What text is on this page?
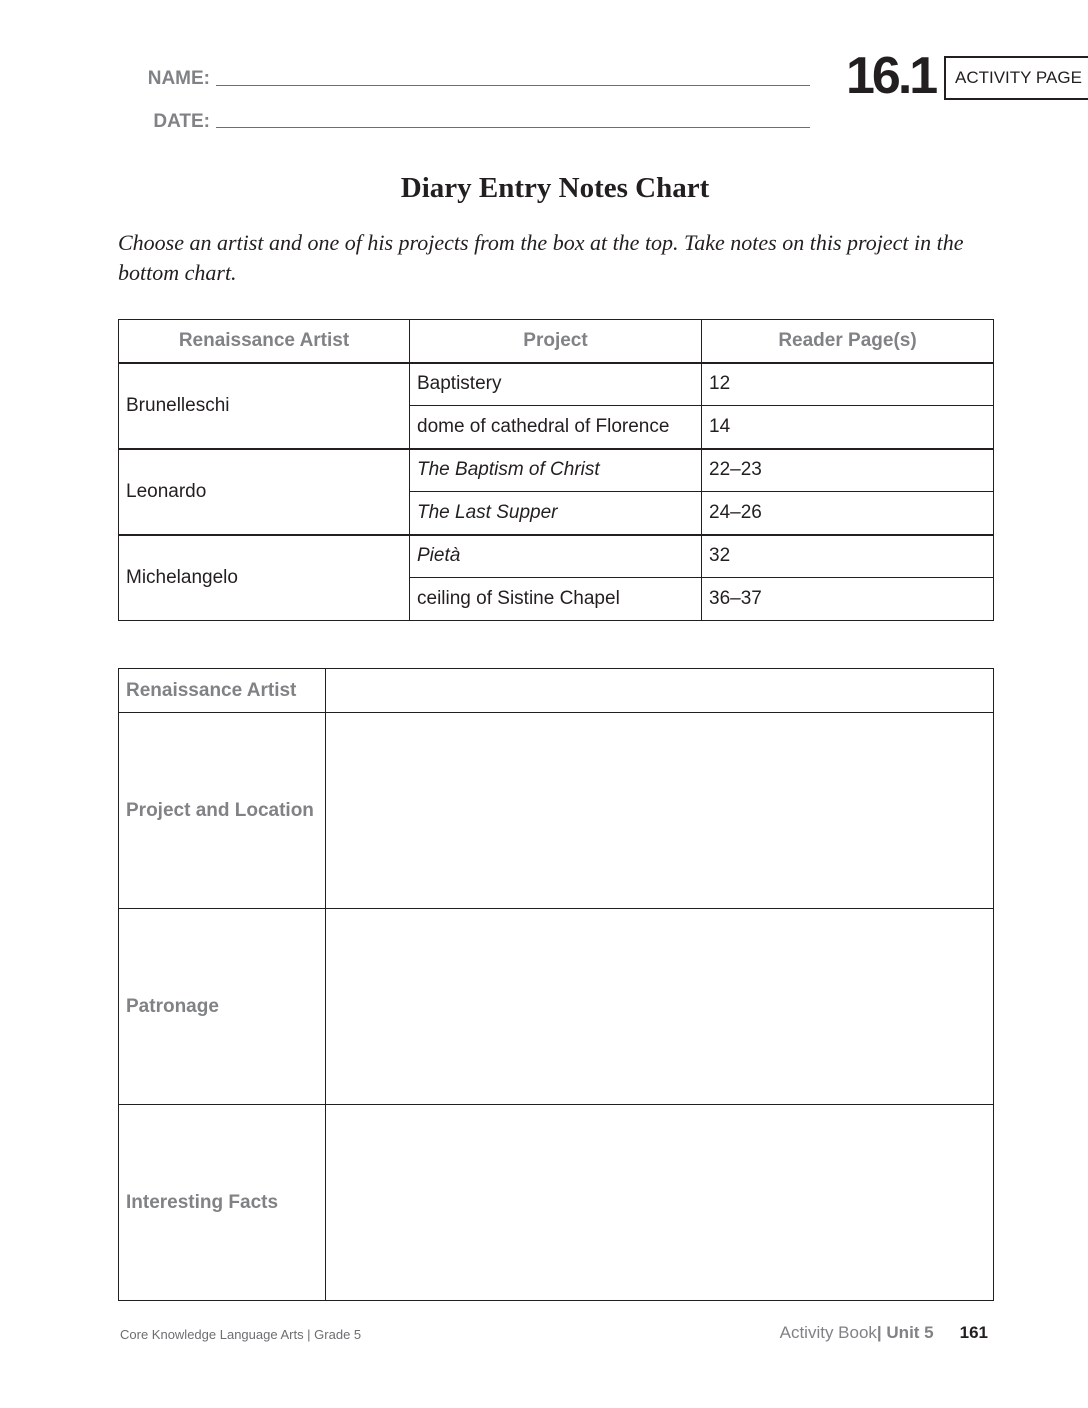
NAME:
DATE:
16.1	ACTIVITY PAGE
Diary Entry Notes Chart
Choose an artist and one of his projects from the box at the top. Take notes on this project in the bottom chart.
Renaissance Artist	Project	Reader Page(s)
Brunelleschi	Baptistery	12
	dome of cathedral of Florence	14
Leonardo	The Baptism of Christ	22–23
	The Last Supper	24–26
Michelangelo	Pietà	32
	ceiling of Sistine Chapel	36–37
Renaissance Artist	
Project and Location	
Patronage	
Interesting Facts	
Core Knowledge Language Arts | Grade 5	Activity Book| Unit 5 161
